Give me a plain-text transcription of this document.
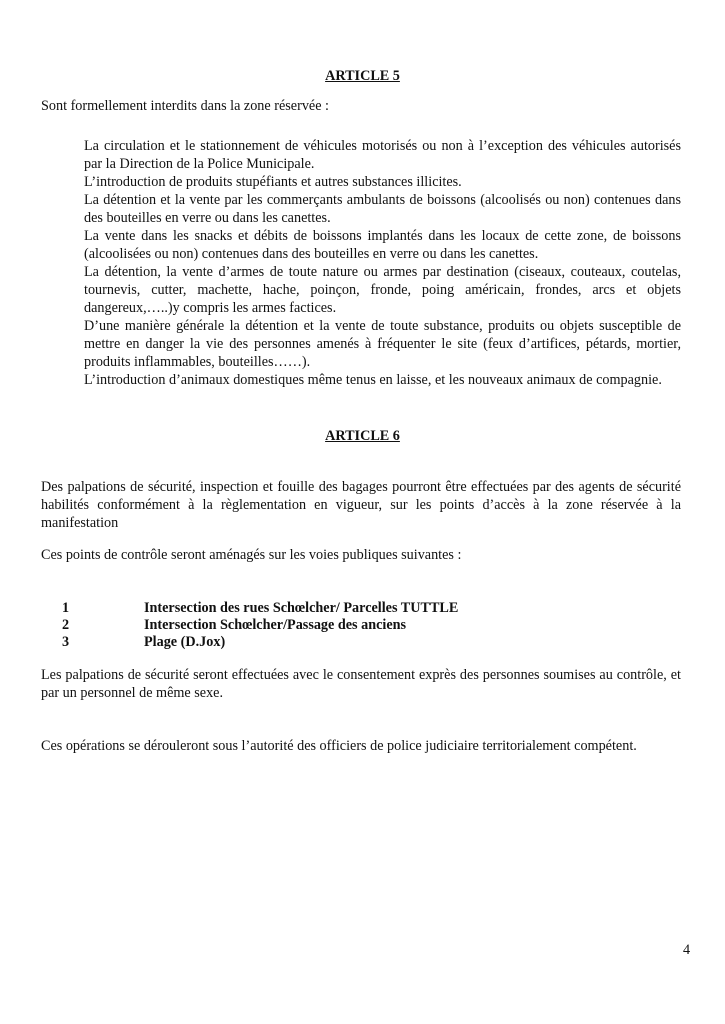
ARTICLE 5
Sont formellement interdits dans la zone réservée :

La circulation et le stationnement de véhicules motorisés ou non à l’exception des véhicules autorisés par la Direction de la Police Municipale.

L’introduction de produits stupéfiants et autres substances illicites.

La détention et la vente par les commerçants ambulants de boissons (alcoolisés ou non) contenues dans des bouteilles en verre ou dans les canettes.

La vente dans les snacks et débits de boissons implantés dans les locaux de cette zone, de boissons (alcoolisées ou non) contenues dans des bouteilles en verre ou dans les canettes.

La détention, la vente d’armes de toute nature ou armes par destination (ciseaux, couteaux, coutelas, tournevis, cutter, machette, hache, poinçon, fronde, poing américain, frondes, arcs et objets dangereux,…..)y compris les armes factices.

D’une manière générale la détention et la vente de toute substance, produits ou objets susceptible de mettre en danger la vie des personnes amenés à fréquenter le site (feux d’artifices, pétards, mortier, produits inflammables, bouteilles……).

L’introduction d’animaux domestiques même tenus en laisse, et les nouveaux animaux de compagnie.

ARTICLE 6
Des palpations de sécurité, inspection et fouille des bagages pourront être effectuées par des agents de sécurité habilités conformément à la règlementation en vigueur, sur les points d’accès à la zone réservée à la manifestation
Ces points de contrôle seront aménagés sur les voies publiques suivantes :
1	Intersection des rues Schœlcher/ Parcelles TUTTLE
2	Intersection Schœlcher/Passage des anciens
3	Plage (D.Jox)
Les palpations de sécurité seront effectuées avec le consentement exprès des personnes soumises au contrôle, et par un personnel de même sexe.
Ces opérations se dérouleront sous l’autorité des officiers de police judiciaire territorialement compétent.
4
